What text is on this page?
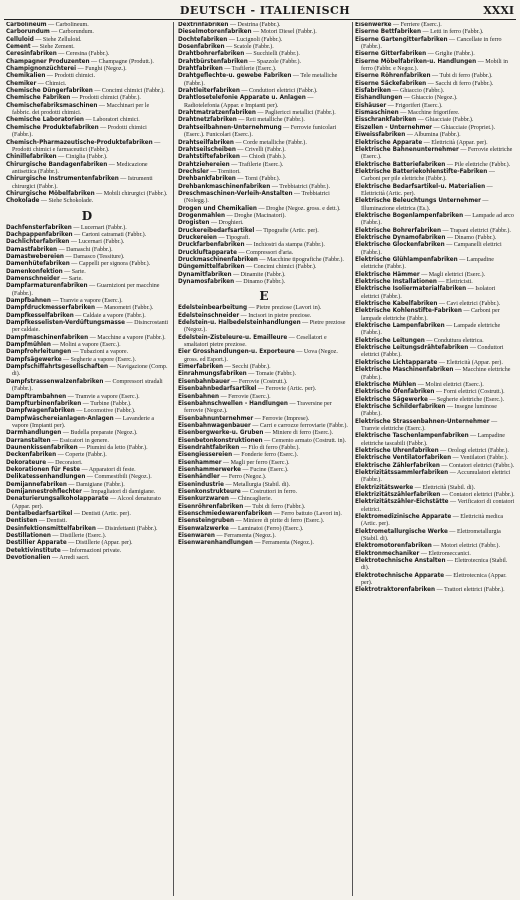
DEUTSCH - ITALIENISCH	XXXI

Carbolineum — Carbolineum.

Carborundum — Carborundum.

Celluloid — Siehe Zelluloid.

Cement — Siehe Zement.

Ceresinfabriken — Ceresina (Fabbr.).

Champagner Produzenten — Champagne (Produtt.).

Champignonzüchterei — Funghi (Negoz.).

Chemikalien — Prodotti chimici.

Chemiker — Chimici.

Chemische Düngerfabriken — Concimi chimici (Fabbr.).

Chemische Fabriken — Prodotti chimici (Fabbr.).

Chemischefabriksmaschinen — Macchinari per le fabbric. dei prodotti chimici.

Chemische Laboratorien — Laboratori chimici.

Chemische Produktefabriken — Prodotti chimici (Fabbr.).

Chemisch-Pharmazeutische-Produktefabriken — Prodotti chimici e farmaceutici (Fabbr.).

Chinillefabriken — Ciniglia (Fabbr.).

Chirurgische Bandagenfabriken — Medicazione antisettica (Fabbr.).

Chirurgische Instrumentenfabriken — Istrumenti chirurgici (Fabbr.).

Chirurgische Möbelfabriken — Mobili chirurgici (Fabbr.).

Chokolade — Siehe Schokolade.

D

Dachfensterfabriken — Lucernari (Fabbr.).

Dachpappenfabriken — Cartoni catramati (Fabbr.).

Dachlichterfabriken — Lucernari (Fabbr.).

Damastfabriken — Damaschi (Fabbr.).

Damastwebereien — Damasco (Tessiture).

Damenhütefabriken — Cappelli per signora (Fabbr.).

Damenkonfektion — Sarte.

Damenschneider — Sarte.

Dampfarmaturenfabriken — Guarnizioni per macchine (Fabbr.).

Dampfbahnen — Tranvie a vapore (Eserc.).

Dampfdruckmesserfabriken — Manometri (Fabbr.).

Dampfkesselfabriken — Caldaie a vapore (Fabbr.).

Dampfkesselisten-Verdüftungsmasse — Disincrostanti per caldaie.

Dampfmaschinenfabriken — Macchine a vapore (Fabbr.).

Dampfmühlen — Molini a vapore (Eserc.).

Dampfrohrleitungen — Tubazioni a vapore.

Dampfsägewerke — Segherie a vapore (Eserc.).

Dampfschiffahrtsgesellschaften — Navigazione (Comp. di).

Dampfstrassenwalzenfabriken — Compressori stradali (Fabbr.).

Dampftrambahnen — Tramvie a vapore (Eserc.).

Dampfturbinenfabriken — Turbine (Fabbr.).

Dampfwagenfabriken — Locomotive (Fabbr.).

Dampfwäschereianlagen-Anlagen — Lavanderie a vapore (Impianti per).

Darmhandlungen — Budella preparate (Negoz.).

Darranstalten — Essicatori in genere.

Daunenkissenfabriken — Piumini da letto (Fabbr.).

Deckenfabriken — Coperte (Fabbr.).

Dekorateure — Decoratori.

Dekorationen für Feste — Apparatori di feste.

Delikatessenhandlungen — Commestibili (Negoz.).

Demijannefabriken — Damigiane (Fabbr.).

Demijannestrohflechter — Impagliatori di damigiane.

Denaturierungsalkoholapparate — Alcool denaturato (Appar. per).

Dentalbedarfsartikel — Dentisti (Artic. per).

Dentisten — Dentisti.

Desinfektionsmittelfabriken — Disinfettanti (Fabbr.).

Destillationen — Distillerie (Eserc.).

Destillier Apparate — Distillerie (Appar. per).

Detektivinstitute — Informazioni private.

Devotionalien — Arredi sacri.

Dextrinfabriken — Destrina (Fabbr.).

Dieselmotorenfabriken — Motori Diesel (Fabbr.).

Dochtefabriken — Lucignoli (Fabbr.).

Dosenfabriken — Scatole (Fabbr.).

Drahtbohrerfabriken — Succhielli (Fabbr.).

Drahtbürstenfabriken — Spazzole (Fabbr.).

Drahtfabriken — Trafilerie (Eserc.).

Drahtgeflechte-u. gewebe Fabriken — Tele metalliche (Fabbr.).

Drahtleiterfabriken — Conduttori elettrici (Fabbr.).

Drahtlosetelefonie Apparate u. Anlagen — Radiotelefonia (Appar. e Impianti per).

Drahtmatratzenfabriken — Pagliericci metallici (Fabbr.).

Drahtnetzfabriken — Reti metalliche (Fabbr.).

Drahtseilbahnen-Unternehmung — Ferrovie funicolari (Eserc.). Funicolari (Eserc.).

Drahtseilfabriken — Corde metalliche (Fabbr.).

Drahtseilscheiben — Crivelli (Fabbr.).

Drahtstiftefabriken — Chiodi (Fabb.).

Drahtziehereien — Trafilerie (Eserc.).

Drechsler — Tornitori.

Drehbankfabriken — Torni (Fabbr.).

Drehbankmaschinenfabriken — Trebbiatrici (Fabbr.).

Dreschmaschinen-Verleih-Anstalten — Trebbiatrici (Nolegg.).

Drogen und Chemikalien — Droghe (Negoz. gross. e dett.).

Drogenmahlen — Droghe (Macinatori).

Drogisten — Droghieri.

Druckereibedarfsartikel — Tipografie (Artic. per).

Druckereien — Tipografi.

Druckfarbenfabriken — Inchiostri da stampa (Fabbr.).

Druckluftapparate — Compressori d'aria.

Druckmaschinenfabriken — Macchine tipografiche (Fabbr.).

Düngemittelfabriken — Concimi chimici (Fabbr.).

Dynamitfabriken — Dinamite (Fabbr.).

Dynamosfabriken — Dinamo (Fabbr.).

E

Edelsteinbearbeitung — Pietre preziose (Lavori in).

Edelsteinschneider — Incisori in pietre preziose.

Edelstein-u. Halbedelsteinhandlungen — Pietre preziose (Negoz.).

Edelstein-Zisteleure-u. Emailleure — Cesellatori e smaltatori pietre preziose.

Eier Grosshandlungen-u. Exporteure — Uova (Negoz. gross. ed Esport.).

Eimerfabriken — Secchi (Fabbr.).

Einrahmungsfabriken — Tomaie (Fabbr.).

Eisenbahnbauer — Ferrovie (Costrutt.).

Eisenbahnbedarfsartikel — Ferrovie (Artic. per).

Eisenbahnen — Ferrovie (Eserc.).

Eisenbahnschwellen - Handlungen — Traversine per ferrovie (Negoz.).

Eisenbahnunternehmer — Ferrovie (Imprese).

Eisenbahnwagenbauer — Carri e carrozze ferroviarie (Fabbr.).

Eisenbergwerke-u. Gruben — Miniere di ferro (Eserc.).

Eisenbetonkonstruktionen — Cemento armato (Costrutt. in).

Eisendrahtfabriken — Filo di ferro (Fabbr.).

Eisengiessereien — Fonderie ferro (Eserc.).

Eisenhammer — Magli per ferro (Eserc.).

Eisenhammerwerke — Fucine (Eserc.).

Eisenhändler — Ferro (Negoz.).

Eisenindustrie — Metallurgia (Stabil. di).

Eisenkonstrukteure — Costruttori in ferro.

Eisenkurzwaren — Chincaglierie.

Eisenröhrenfabriken — Tubi di ferro (Fabbr.).

Eisenschmiedewarenfabriken — Ferro battuto (Lavori in).

Eisensteingruben — Miniere di pirite di ferro (Eserc.).

Eisenwalzwerke — Laminatoi (Ferro) (Eserc.).

Eisenwaren — Ferramenta (Negoz.).

Eisenwarenhandlungen — Ferramenta (Negoz.).

Eisenwerke — Ferriere (Eserc.).

Eiserne Bettfabriken — Letti in ferro (Fabbr.).

Eiserne Gartengitterfabriken — Cancellate in ferro (Fabbr.).

Eiserne Gitterfabriken — Griglie (Fabbr.).

Eiserne Möbelfabriken-u. Handlungen — Mobili in ferro (Fabbr. e Negoz.).

Eiserne Röhrenfabriken — Tubi di ferro (Fabbr.).

Eiserne Säckefabriken — Sacchi di ferro (Fabbr.).

Eisfabriken — Ghiaccio (Fabbr.).

Eishandlungen — Ghiaccio (Negoz.).

Eishäuser — Frigoriferi (Eserc.).

Eismaschinen — Macchine frigorifere.

Eisschrankfabriken — Ghiacciaie (Fabbr.).

Eiszellen - Unternehmer — Ghiacciaie (Propriet.).

Eiweissfabriken — Albumina (Fabbr.).

Elektrische Apparate — Elettricità (Appar. per).

Elektrische Bahnenunternehmer — Ferrovie elettriche (Eserc.).

Elektrische Batteriefabriken — Pile elettriche (Fabbr.).

Elektrische Batteriekohlenstifte-Fabriken — Carboni per pile elettriche (Fabbr.).

Elektrische Bedarfsartikel-u. Materialien — Elettricità (Artic. per).

Elektrische Beleuchtungs Unternehmer — Illuminazione elettrica (Es.).

Elektrische Bogenlampenfabriken — Lampade ad arco (Fabbr.).

Elektrische Bohrerfabriken — Trapani elettrici (Fabbr.).

Elektrische Dynamofabriken — Dinamo (Fabbr.).

Elektrische Glockenfabriken — Campanelli elettrici (Fabbr.).

Elektrische Glühlampenfabriken — Lampadine elettriche (Fabbr.).

Elektrische Hämmer — Magli elettrici (Eserc.).

Elektrische Installationen — Elettricisti.

Elektrische Isoliermaterialfabriken — Isolatori elettrici (Fabbr.).

Elektrische Kabelfabriken — Cavi elettrici (Fabbr.).

Elektrische Kohlenstifte-Fabriken — Carboni per lampade elettriche (Fabbr.).

Elektrische Lampenfabriken — Lampade elettriche (Fabbr.).

Elektrische Leitungen — Conduttura elettrica.

Elektrische Leitungsdrähtefabriken — Conduttori elettrici (Fabbr.).

Elektrische Lichtapparate — Elettricità (Appar. per).

Elektrische Maschinenfabriken — Macchine elettriche (Fabbr.).

Elektrische Mühlen — Molini elettrici (Eserc.).

Elektrische Öfenfabriken — Forni elettrici (Costrutt.).

Elektrische Sägewerke — Segherie elettriche (Eserc.).

Elektrische Schilderfabriken — Insegne luminose (Fabbr.).

Elektrische Strassenbahnen-Unternehmer — Tranvie elettriche (Eserc.).

Elektrische Taschenlampenfabriken — Lampadine elettriche tascabili (Fabbr.).

Elektrische Uhrenfabriken — Orologi elettrici (Fabbr.).

Elektrische Ventilatorfabriken — Ventilatori (Fabbr.).

Elektrische Zählerfabriken — Contatori elettrici (Fabbr.).

Elektrizitätssammlerfabriken — Accumulatori elettrici (Fabbr.).

Elektrizitätswerke — Elettricità (Stabil. di).

Elektrizitätszählerfabriken — Contatori elettrici (Fabbr.).

Elektrizitätszähler-Eichstätte — Verificatori di contatori elettrici.

Elektromedizinische Apparate — Elettricità medica (Artic. per).

Elektrometallurgische Werke — Elettrometallurgia (Stabil. di).

Elektromotorenfabriken — Motori elettrici (Fabbr.).

Elektronmechaniker — Elettromeccanici.

Elektrotechnische Anstalten — Elettrotecnica (Stabil. di).

Elektrotechnische Apparate — Elettrotecnica (Appar. per).

Elektrotraktorenfabriken — Trattori elettrici (Fabbr.).
